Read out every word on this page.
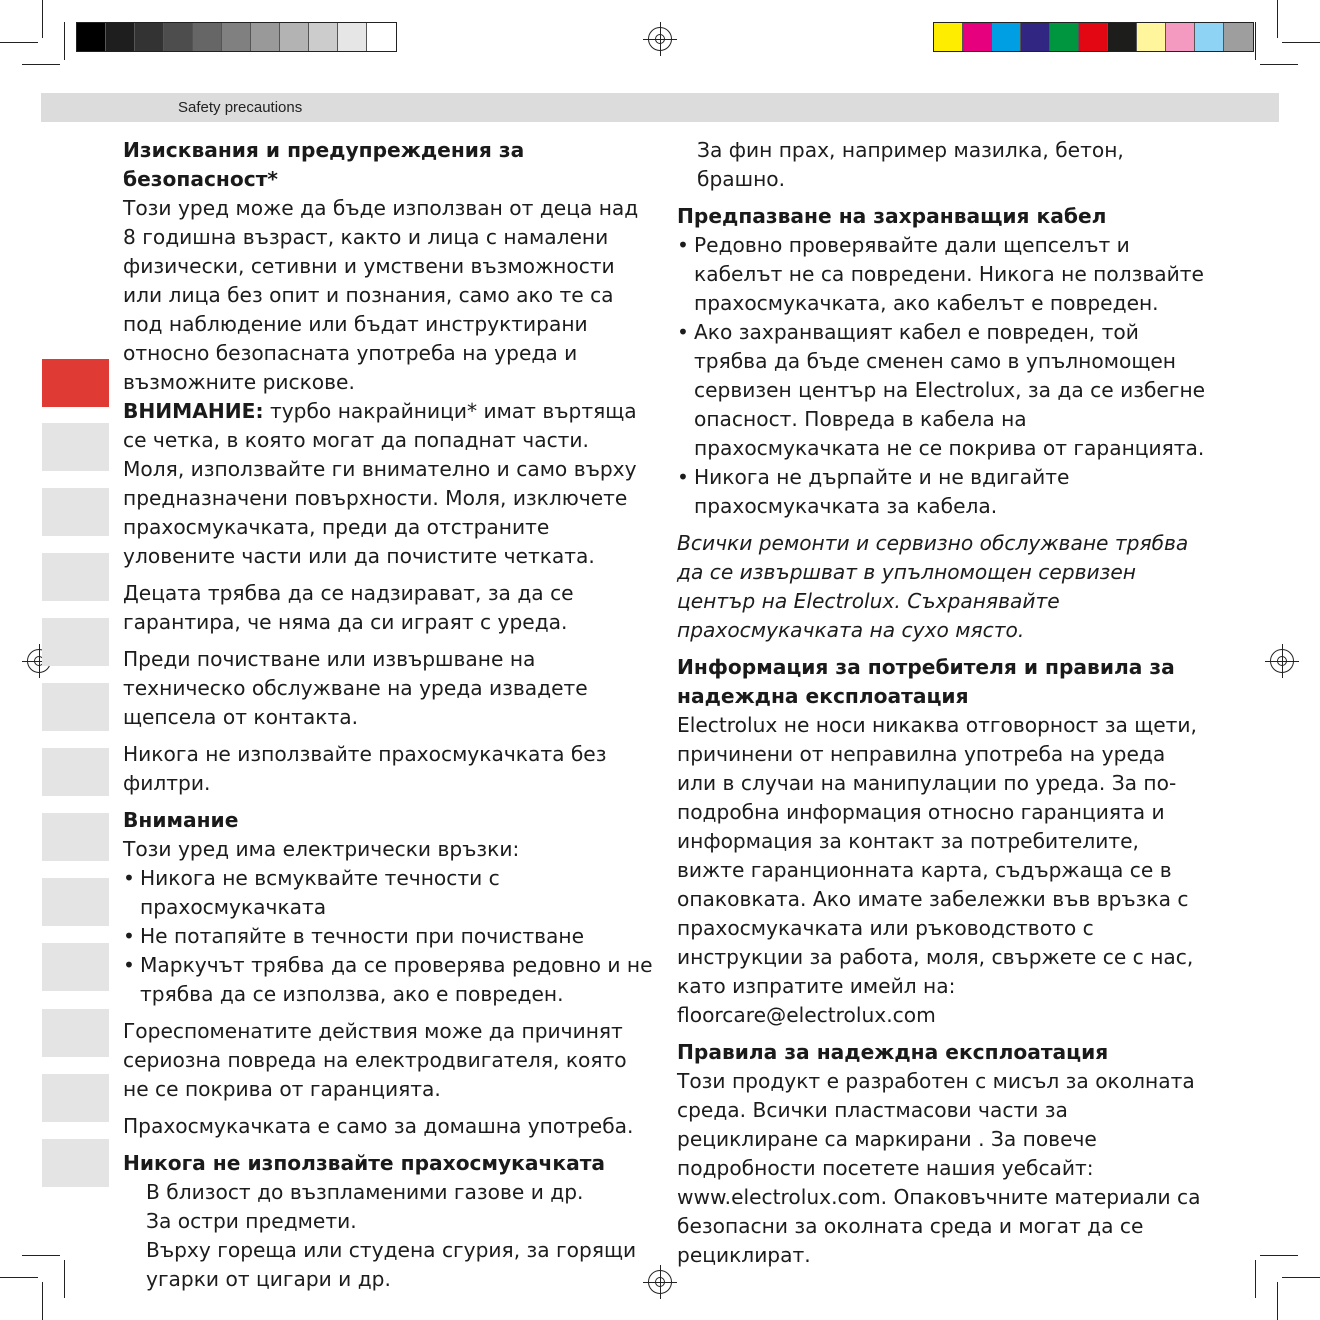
Safety precautions

Изисквания и предупреждения за безопасност*

Този уред може да бъде използван от деца над 8 годишна възраст, както и лица с намалени физически, сетивни и умствени възможности или лица без опит и познания, само ако те са под наблюдение или бъдат инструктирани относно безопасната употреба на уреда и възможните рискове.

ВНИМАНИЕ: турбо накрайници* имат въртяща се четка, в която могат да попаднат части. Моля, използвайте ги внимателно и само върху предназначени повърхности. Моля, изключете прахосмукачката, преди да отстраните уловените части или да почистите четката.

Децата трябва да се надзирават, за да се гарантира, че няма да си играят с уреда.

Преди почистване или извършване на техническо обслужване на уреда извадете щепсела от контакта.

Никога не използвайте прахосмукачката без филтри.

Внимание

Този уред има електрически връзки:

• Никога не всмуквайте течности с прахосмукачката
• Не потапяйте в течности при почистване
• Маркучът трябва да се проверява редовно и не трябва да се използва, ако е повреден.

Гореспоменатите действия може да причинят сериозна повреда на електродвигателя, която не се покрива от гаранцията.

Прахосмукачката е само за домашна употреба.

Никога не използвайте прахосмукачката

В близост до възпламеними газове и др.

За остри предмети.

Върху гореща или студена сгурия, за горящи угарки от цигари и др.

За фин прах, например мазилка, бетон, брашно.

Предпазване на захранващия кабел

• Редовно проверявайте дали щепселът и кабелът не са повредени. Никога не ползвайте прахосмукачката, ако кабелът е повреден.
• Ако захранващият кабел е повреден, той трябва да бъде сменен само в упълномощен сервизен център на Electrolux, за да се избегне опасност. Повреда в кабела на прахосмукачката не се покрива от гаранцията.
• Никога не дърпайте и не вдигайте прахосмукачката за кабела.

Всички ремонти и сервизно обслужване трябва да се извършват в упълномощен сервизен център на Electrolux. Съхранявайте прахосмукачката на сухо място.

Информация за потребителя и правила за надеждна експлоатация

Electrolux не носи никаква отговорност за щети, причинени от неправилна употреба на уреда или в случаи на манипулации по уреда. За по-подробна информация относно гаранцията и информация за контакт за потребителите, вижте гаранционната карта, съдържаща се в опаковката. Ако имате забележки във връзка с прахосмукачката или ръководството с инструкции за работа, моля, свържете се с нас, като изпратите имейл на: floorcare@electrolux.com

Правила за надеждна експлоатация

Този продукт е разработен с мисъл за околната среда. Всички пластмасови части за рециклиране са маркирани . За повече подробности посетете нашия уебсайт: www.electrolux.com. Опаковъчните материали са безопасни за околната среда и могат да се рециклират.
